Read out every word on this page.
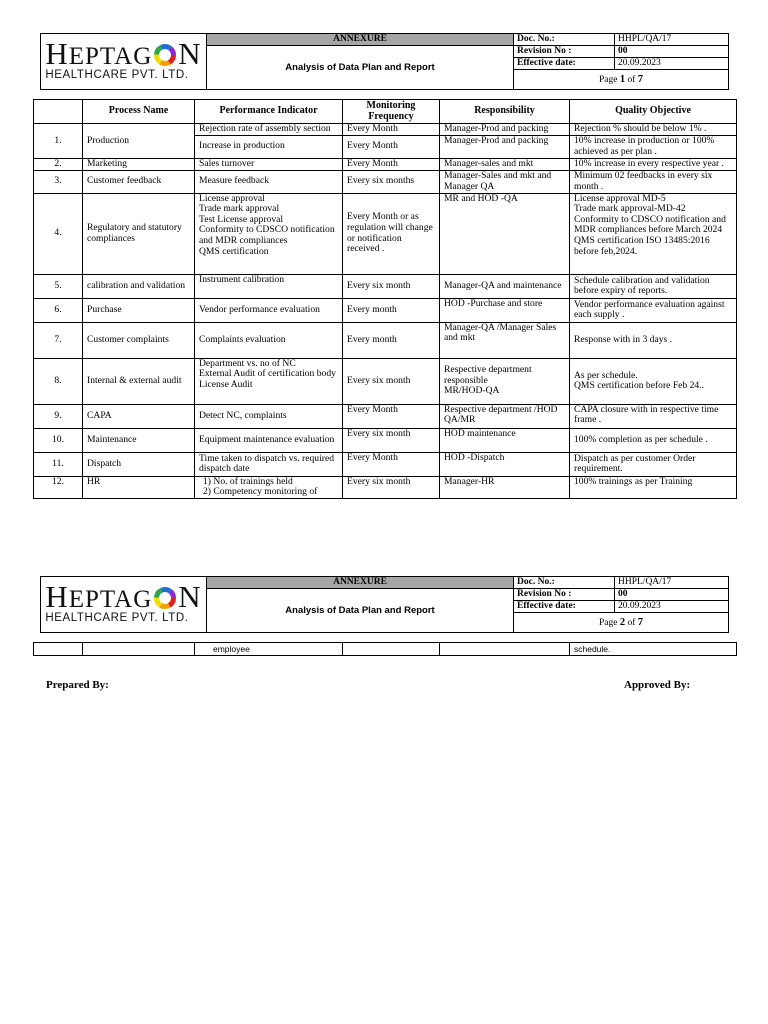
HEPTAG N
HEALTHCARE PVT. LTD.	ANNEXURE	Doc. No.:	HHPL/QA/17
	Analysis of Data Plan and Report	Revision No :	00
		Effective date:	20.09.2023
		Page 1 of 7	
	Process Name	Performance Indicator	Monitoring Frequency	Responsibility	Quality Objective
1.	Production	Rejection rate of assembly section	Every Month	Manager-Prod and packing	Rejection % should be below 1% .
		Increase in production	Every Month	Manager-Prod and packing	10% increase in production or 100% achieved as per plan .
2.	Marketing	Sales turnover	Every Month	Manager-sales and mkt	10% increase in every respective year .
3.	Customer feedback	Measure feedback	Every six months	Manager-Sales and mkt and Manager QA	Minimum 02 feedbacks in every six month .
4.	Regulatory and statutory compliances	License approval
Trade mark approval
Test License approval
Conformity to CDSCO notification and MDR compliances
QMS certification	Every Month or as regulation will change or notification received .	MR and HOD -QA	License approval MD-5
Trade mark approval-MD-42
Conformity to CDSCO notification and MDR compliances before March 2024
QMS certification ISO 13485:2016 before feb,2024.
5.	calibration and validation	Instrument calibration	Every six month	Manager-QA and maintenance	Schedule calibration and validation before expiry of reports.
6.	Purchase	Vendor performance evaluation	Every month	HOD -Purchase and store	Vendor performance evaluation against each supply .
7.	Customer complaints	Complaints evaluation	Every month	Manager-QA /Manager Sales and mkt	Response with in 3 days .
8.	Internal & external audit	Department vs. no of NC
External Audit of certification body
License Audit	Every six month	Respective department responsible
MR/HOD-QA	As per schedule.
QMS certification before Feb 24..
9.	CAPA	Detect NC, complaints	Every Month	Respective department /HOD QA/MR	CAPA closure with in respective time frame .
10.	Maintenance	Equipment maintenance evaluation	Every six month	HOD maintenance	100% completion as per schedule .
11.	Dispatch	Time taken to dispatch vs. required dispatch date	Every Month	HOD -Dispatch	Dispatch as per customer Order requirement.
12.	HR	1) No. of trainings held
2) Competency monitoring of	Every six month	Manager-HR	100% trainings as per Training
HEPTAG N
HEALTHCARE PVT. LTD.	ANNEXURE	Doc. No.:	HHPL/QA/17
	Analysis of Data Plan and Report	Revision No :	00
		Effective date:	20.09.2023
		Page 2 of 7	
		employee			schedule.
Prepared By:	Approved By:
